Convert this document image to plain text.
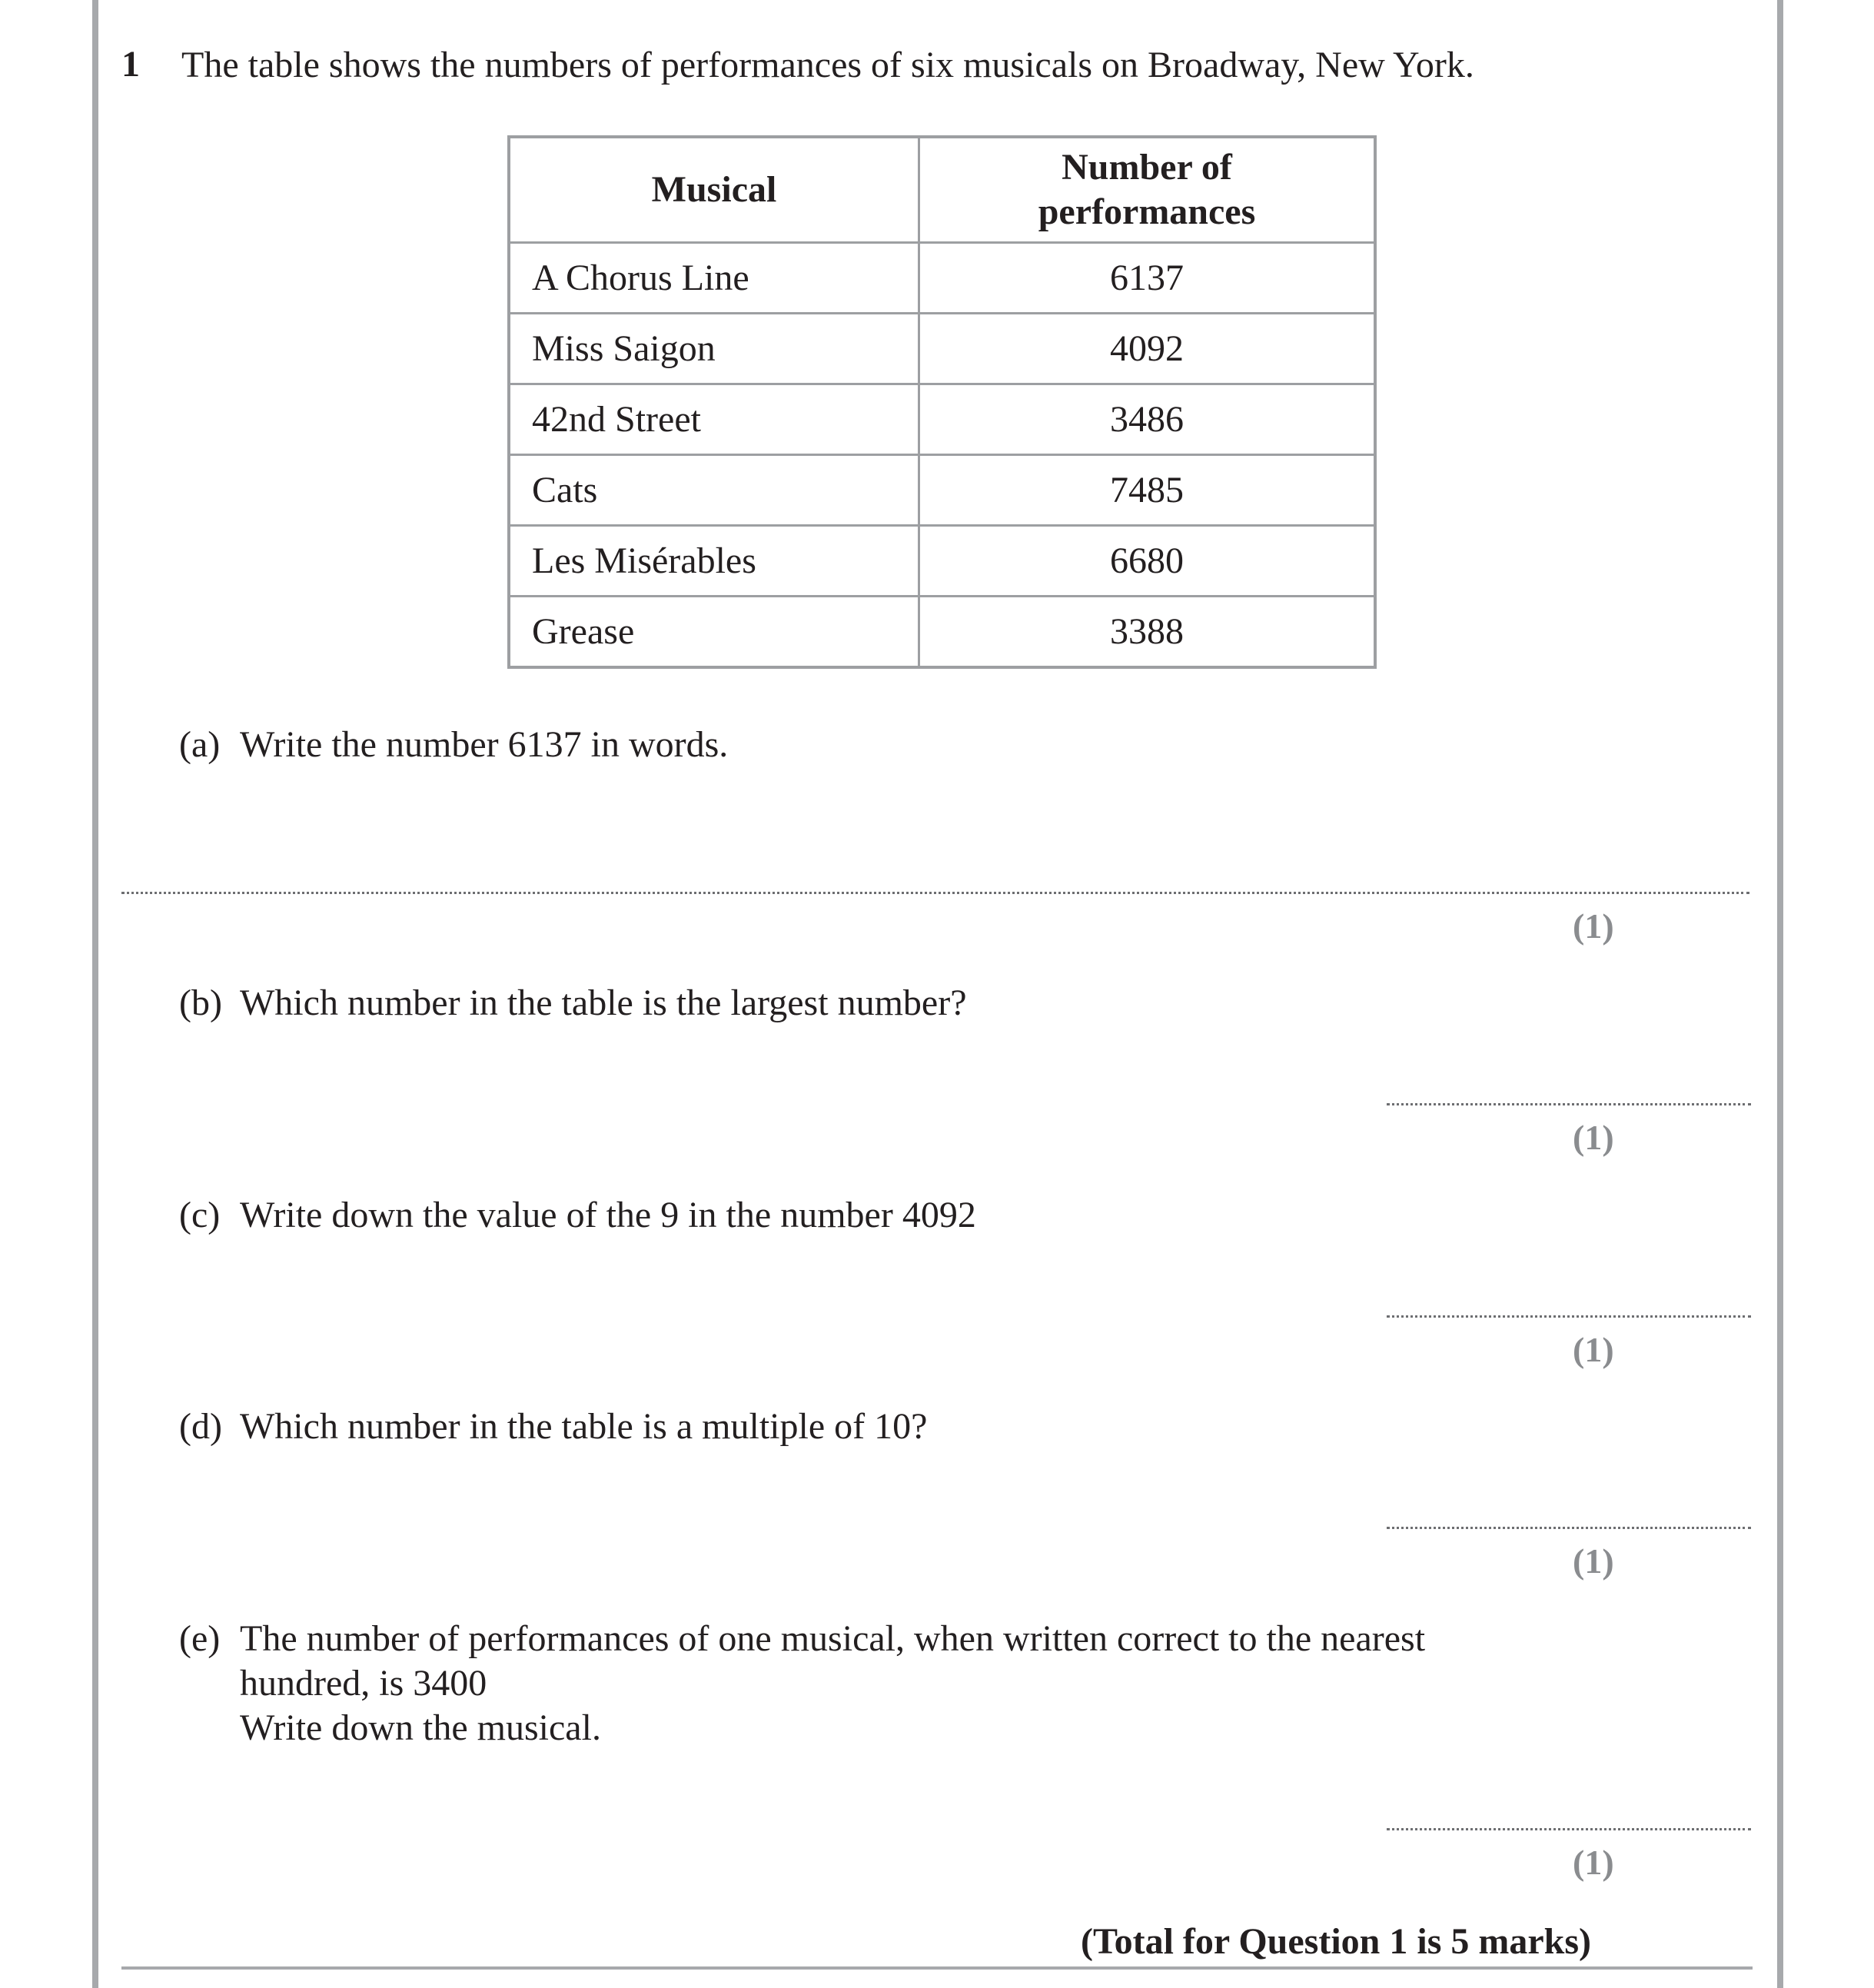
1 The table shows the numbers of performances of six musicals on Broadway, New York.
Musical	Number of
performances

A Chorus Line	6137
Miss Saigon	4092
42nd Street	3486
Cats	7485
Les Misérables	6680
Grease	3388
(a) Write the number 6137 in words.
(1)
(b) Which number in the table is the largest number?
(1)
(c) Write down the value of the 9 in the number 4092
(1)
(d) Which number in the table is a multiple of 10?
(1)
(e) The number of performances of one musical, when written correct to the nearest
hundred, is 3400
Write down the musical.
(1)
(Total for Question 1 is 5 marks)
